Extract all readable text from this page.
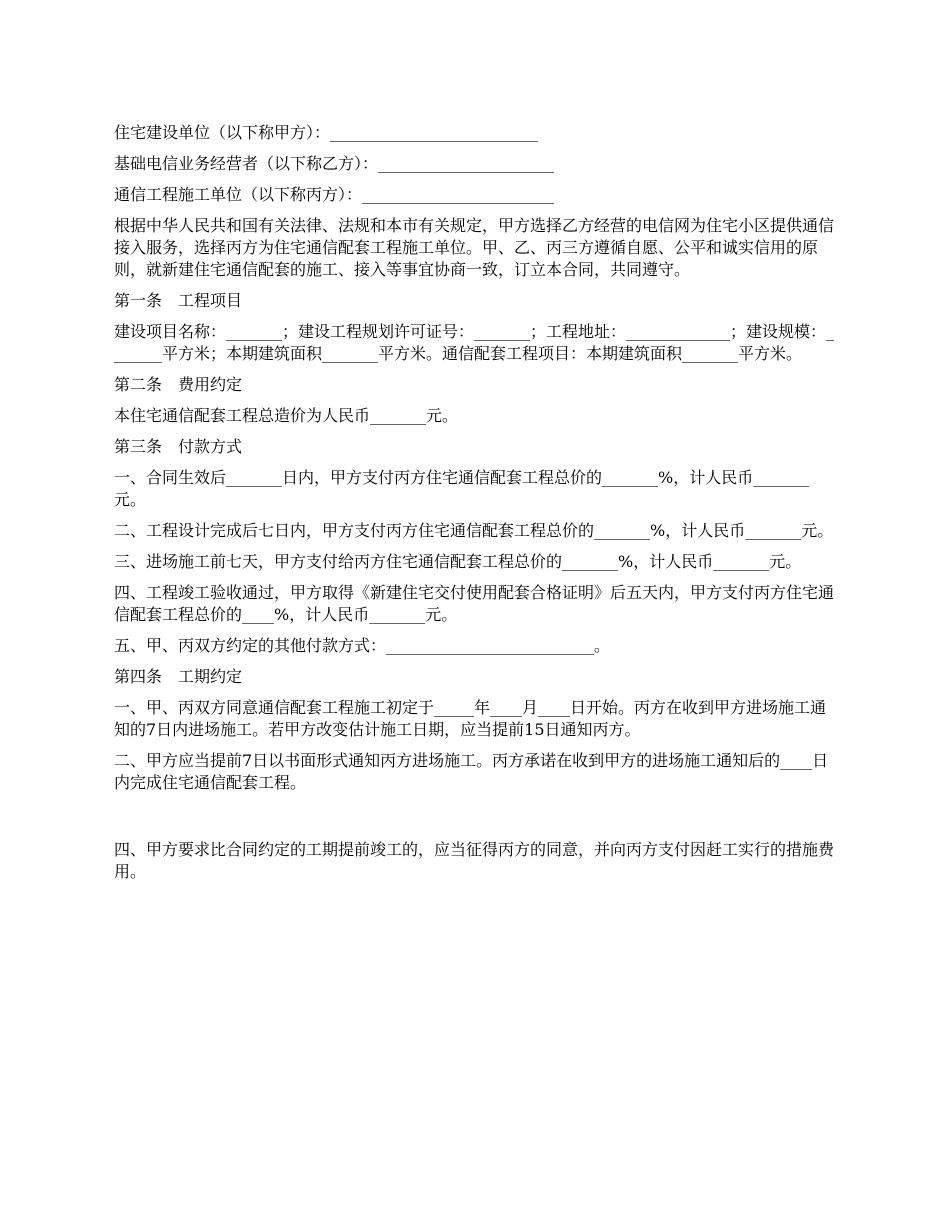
住宅建设单位（以下称甲方）：__________________________

基础电信业务经营者（以下称乙方）：______________________

通信工程施工单位（以下称丙方）：________________________

根据中华人民共和国有关法律、法规和本市有关规定，甲方选择乙方经营的电信网为住宅小区提供通信接入服务，选择丙方为住宅通信配套工程施工单位。甲、乙、丙三方遵循自愿、公平和诚实信用的原则，就新建住宅通信配套的施工、接入等事宜协商一致，订立本合同，共同遵守。

第一条　工程项目

建设项目名称：_______；建设工程规划许可证号：_______；工程地址：_____________；建设规模：_______平方米；本期建筑面积_______平方米。通信配套工程项目：本期建筑面积_______平方米。

第二条　费用约定

本住宅通信配套工程总造价为人民币_______元。

第三条　付款方式

一、合同生效后_______日内，甲方支付丙方住宅通信配套工程总价的_______%，计人民币_______元。

二、工程设计完成后七日内，甲方支付丙方住宅通信配套工程总价的_______%，计人民币_______元。

三、进场施工前七天，甲方支付给丙方住宅通信配套工程总价的_______%，计人民币_______元。

四、工程竣工验收通过，甲方取得《新建住宅交付使用配套合格证明》后五天内，甲方支付丙方住宅通信配套工程总价的____%，计人民币_______元。

五、甲、丙双方约定的其他付款方式：__________________________。

第四条　工期约定

一、甲、丙双方同意通信配套工程施工初定于_____年____月____日开始。丙方在收到甲方进场施工通知的7日内进场施工。若甲方改变估计施工日期，应当提前15日通知丙方。

二、甲方应当提前7日以书面形式通知丙方进场施工。丙方承诺在收到甲方的进场施工通知后的____日内完成住宅通信配套工程。

四、甲方要求比合同约定的工期提前竣工的，应当征得丙方的同意，并向丙方支付因赶工实行的措施费用。
